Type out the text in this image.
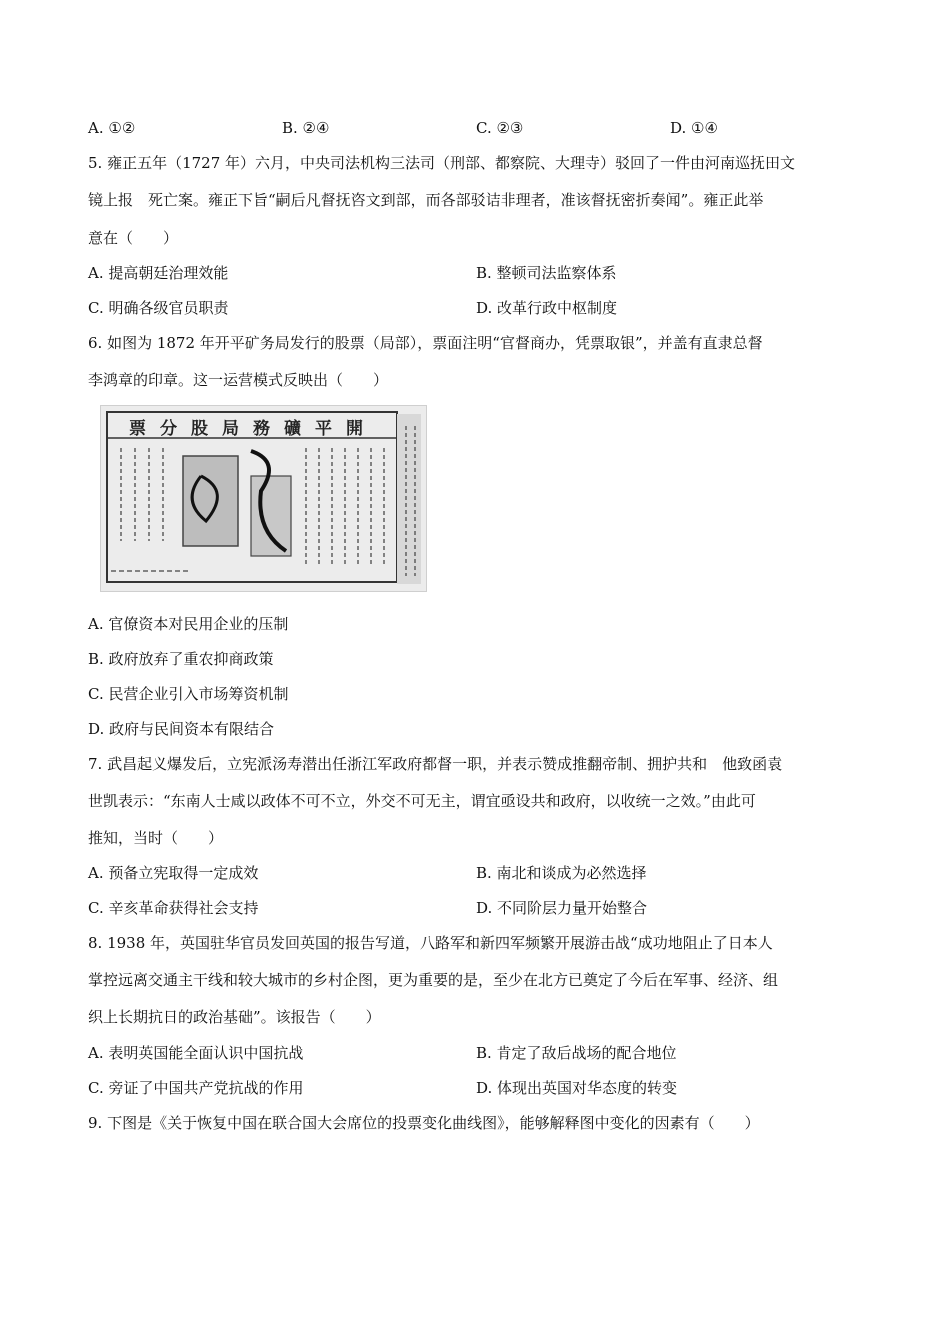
A. ①②	B. ②④	C. ②③	D. ①④
5. 雍正五年（1727 年）六月，中央司法机构三法司（刑部、都察院、大理寺）驳回了一件由河南巡抚田文
镜上报　死亡案。雍正下旨“嗣后凡督抚咨文到部，而各部驳诘非理者，准该督抚密折奏闻”。雍正此举
意在（　　）
A. 提高朝廷治理效能	B. 整顿司法监察体系
C. 明确各级官员职责	D. 改革行政中枢制度
6. 如图为 1872 年开平矿务局发行的股票（局部），票面注明“官督商办，凭票取银”，并盖有直隶总督
李鸿章的印章。这一运营模式反映出（　　）
開平礦務局股分票
A. 官僚资本对民用企业的压制
B. 政府放弃了重农抑商政策
C. 民营企业引入市场筹资机制
D. 政府与民间资本有限结合
7. 武昌起义爆发后，立宪派汤寿潜出任浙江军政府都督一职，并表示赞成推翻帝制、拥护共和　他致函袁
世凯表示：“东南人士咸以政体不可不立，外交不可无主，谓宜亟设共和政府，以收统一之效。”由此可
推知，当时（　　）
A. 预备立宪取得一定成效	B. 南北和谈成为必然选择
C. 辛亥革命获得社会支持	D. 不同阶层力量开始整合
8. 1938 年，英国驻华官员发回英国的报告写道，八路军和新四军频繁开展游击战“成功地阻止了日本人
掌控远离交通主干线和较大城市的乡村企图，更为重要的是，至少在北方已奠定了今后在军事、经济、组
织上长期抗日的政治基础”。该报告（　　）
A. 表明英国能全面认识中国抗战	B. 肯定了敌后战场的配合地位
C. 旁证了中国共产党抗战的作用	D. 体现出英国对华态度的转变
9. 下图是《关于恢复中国在联合国大会席位的投票变化曲线图》，能够解释图中变化的因素有（　　）
